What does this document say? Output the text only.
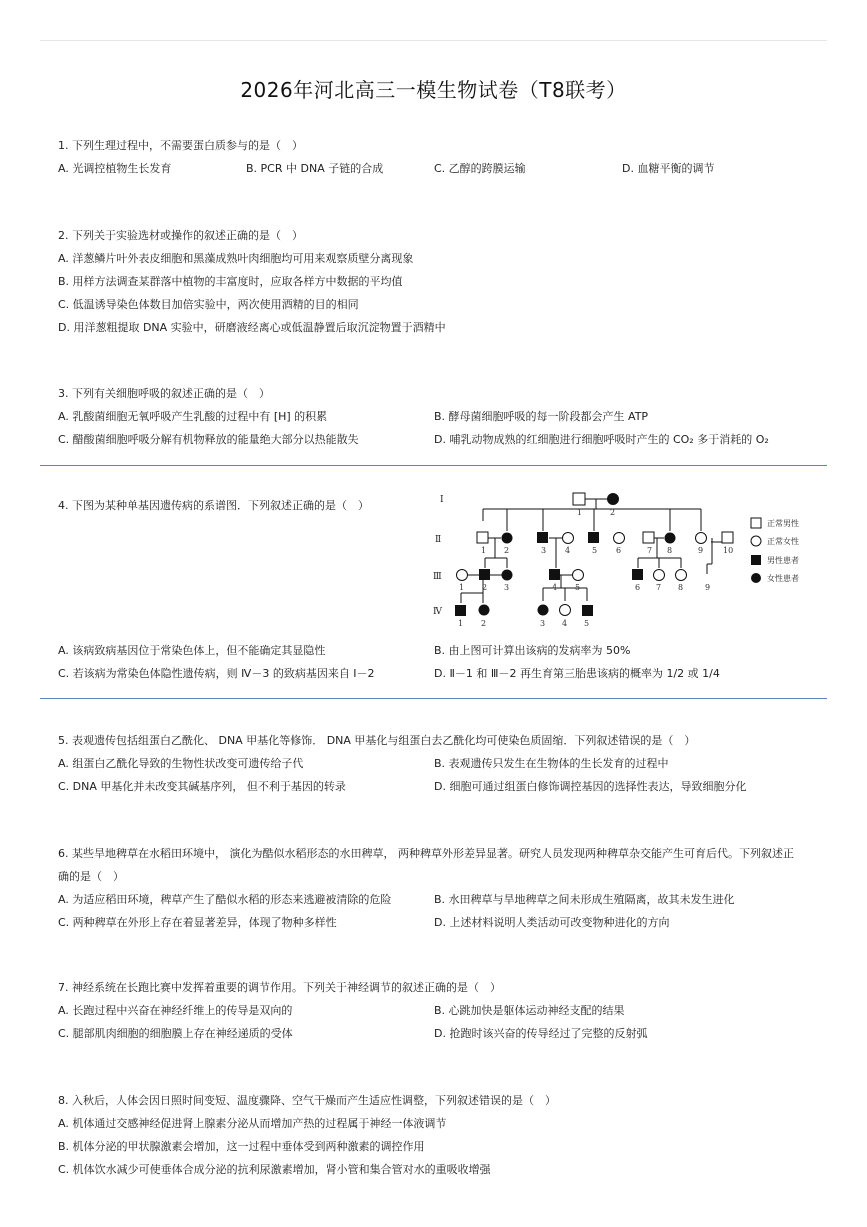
2026年河北高三一模生物试卷（T8联考）
1. 下列生理过程中，不需要蛋白质参与的是（　）
A. 光调控植物生长发育	B. PCR 中 DNA 子链的合成	C. 乙醇的跨膜运输	D. 血糖平衡的调节
2. 下列关于实验选材或操作的叙述正确的是（　）
A. 洋葱鳞片叶外表皮细胞和黑藻成熟叶肉细胞均可用来观察质壁分离现象
B. 用样方法调查某群落中植物的丰富度时，应取各样方中数据的平均值
C. 低温诱导染色体数目加倍实验中，两次使用酒精的目的相同
D. 用洋葱粗提取 DNA 实验中，研磨液经离心或低温静置后取沉淀物置于酒精中
3. 下列有关细胞呼吸的叙述正确的是（　）
A. 乳酸菌细胞无氧呼吸产生乳酸的过程中有 [H] 的积累	B. 酵母菌细胞呼吸的每一阶段都会产生 ATP
C. 醋酸菌细胞呼吸分解有机物释放的能量绝大部分以热能散失	D. 哺乳动物成熟的红细胞进行细胞呼吸时产生的 CO₂ 多于消耗的 O₂
4. 下图为某种单基因遗传病的系谱图．下列叙述正确的是（　）	Ⅰ
Ⅱ
Ⅲ
Ⅳ
1	2
1 2	3 4	5 6	7 8	9 10
1 2 3	4 5	6 7 8	9
1 2	3 4 5
正常男性
正常女性
男性患者
女性患者
A. 该病致病基因位于常染色体上，但不能确定其显隐性	B. 由上图可计算出该病的发病率为 50%
C. 若该病为常染色体隐性遗传病，则 Ⅳ－3 的致病基因来自 Ⅰ－2	D. Ⅱ－1 和 Ⅲ－2 再生育第三胎患该病的概率为 1/2 或 1/4
5. 表观遗传包括组蛋白乙酰化、 DNA 甲基化等修饰． DNA 甲基化与组蛋白去乙酰化均可使染色质固缩．下列叙述错误的是（　）
A. 组蛋白乙酰化导致的生物性状改变可遗传给子代	B. 表观遗传只发生在生物体的生长发育的过程中
C. DNA 甲基化并未改变其碱基序列， 但不利于基因的转录	D. 细胞可通过组蛋白修饰调控基因的选择性表达，导致细胞分化
6. 某些旱地稗草在水稻田环境中， 演化为酷似水稻形态的水田稗草， 两种稗草外形差异显著。研究人员发现两种稗草杂交能产生可育后代。下列叙述正确的是（　）
A. 为适应稻田环境，稗草产生了酷似水稻的形态来逃避被清除的危险	B. 水田稗草与旱地稗草之间未形成生殖隔离，故其未发生进化
C. 两种稗草在外形上存在着显著差异，体现了物种多样性	D. 上述材料说明人类活动可改变物种进化的方向
7. 神经系统在长跑比赛中发挥着重要的调节作用。下列关于神经调节的叙述正确的是（　）
A. 长跑过程中兴奋在神经纤维上的传导是双向的	B. 心跳加快是躯体运动神经支配的结果
C. 腿部肌肉细胞的细胞膜上存在神经递质的受体	D. 抢跑时该兴奋的传导经过了完整的反射弧
8. 入秋后，人体会因日照时间变短、温度骤降、空气干燥而产生适应性调整，下列叙述错误的是（　）
A. 机体通过交感神经促进肾上腺素分泌从而增加产热的过程属于神经一体液调节
B. 机体分泌的甲状腺激素会增加，这一过程中垂体受到两种激素的调控作用
C. 机体饮水减少可使垂体合成分泌的抗利尿激素增加，肾小管和集合管对水的重吸收增强
